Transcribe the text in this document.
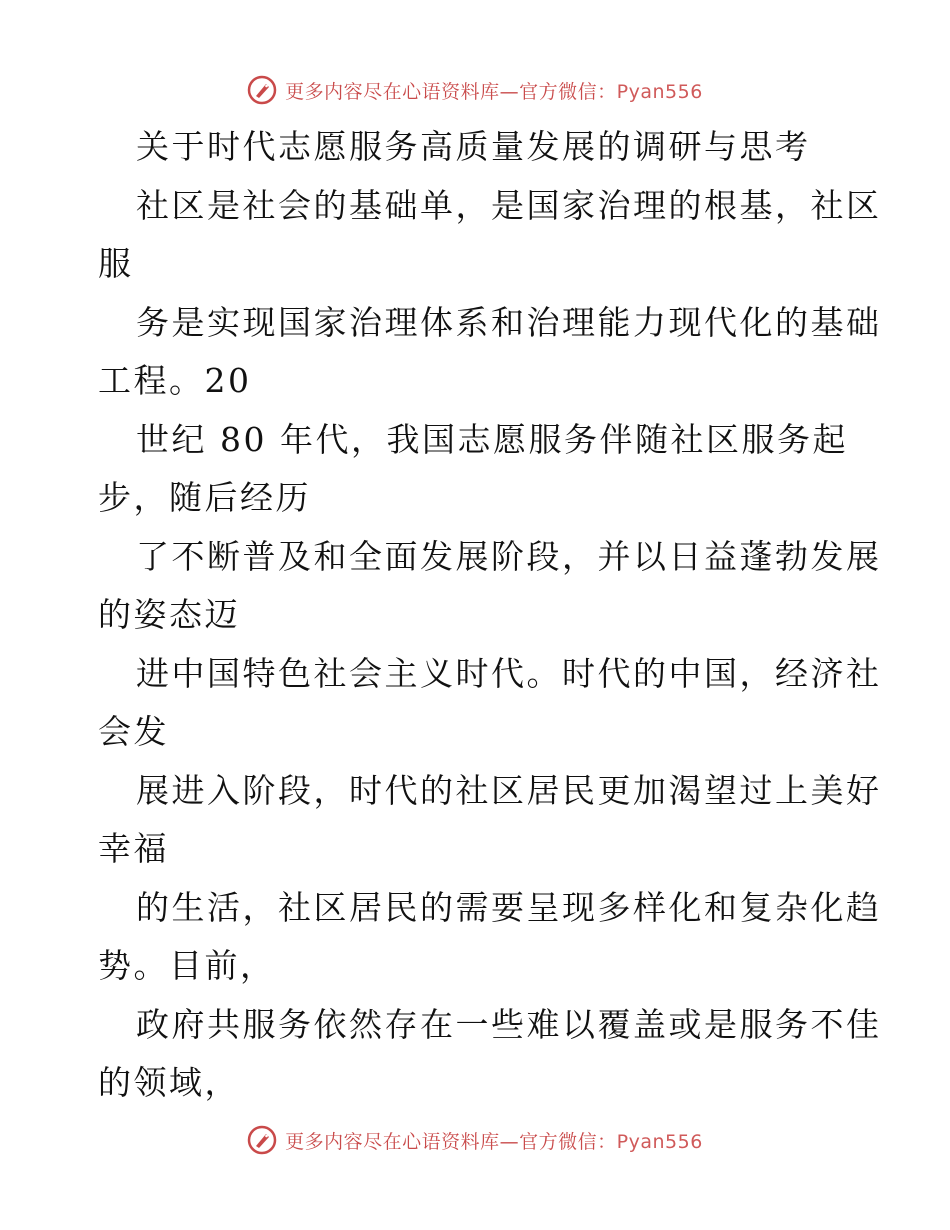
更多内容尽在心语资料库—官方微信：Pyan556
关于时代志愿服务高质量发展的调研与思考
社区是社会的基础单，是国家治理的根基，社区
服
务是实现国家治理体系和治理能力现代化的基础
工程。20
世纪 80 年代，我国志愿服务伴随社区服务起
步，随后经历
了不断普及和全面发展阶段，并以日益蓬勃发展
的姿态迈
进中国特色社会主义时代。时代的中国，经济社
会发
展进入阶段，时代的社区居民更加渴望过上美好
幸福
的生活，社区居民的需要呈现多样化和复杂化趋
势。目前，
政府共服务依然存在一些难以覆盖或是服务不佳
的领域，
更多内容尽在心语资料库—官方微信：Pyan556
